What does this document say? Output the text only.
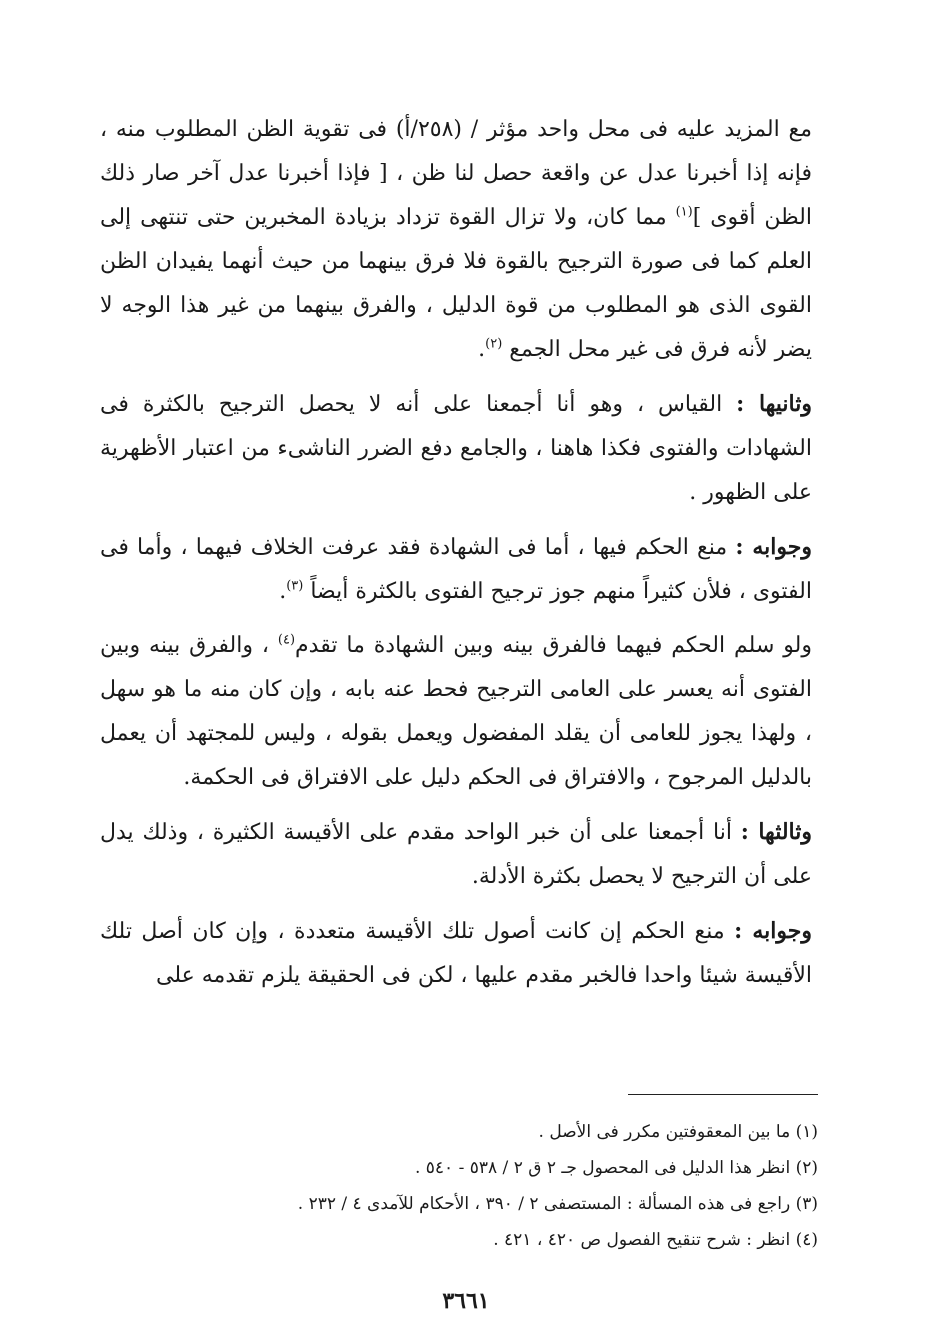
مع المزيد عليه فى محل واحد مؤثر / (٢٥٨/أ) فى تقوية الظن المطلوب منه ، فإنه إذا أخبرنا عدل عن واقعة حصل لنا ظن ، [ فإذا أخبرنا عدل آخر صار ذلك الظن أقوى ]$^{(١)}$ مما كان، ولا تزال القوة تزداد بزيادة المخبرين حتى تنتهى إلى العلم كما فى صورة الترجيح بالقوة فلا فرق بينهما من حيث أنهما يفيدان الظن القوى الذى هو المطلوب من قوة الدليل ، والفرق بينهما من غير هذا الوجه لا يضر لأنه فرق فى غير محل الجمع $^{(٢)}$.

وثانيها : القياس ، وهو أنا أجمعنا على أنه لا يحصل الترجيح بالكثرة فى الشهادات والفتوى فكذا هاهنا ، والجامع دفع الضرر الناشىء من اعتبار الأظهرية على الظهور .

وجوابه : منع الحكم فيها ، أما فى الشهادة فقد عرفت الخلاف فيهما ، وأما فى الفتوى ، فلأن كثيراً منهم جوز ترجيح الفتوى بالكثرة أيضاً $^{(٣)}$.

ولو سلم الحكم فيهما فالفرق بينه وبين الشهادة ما تقدم$^{(٤)}$ ، والفرق بينه وبين الفتوى أنه يعسر على العامى الترجيح فحط عنه بابه ، وإن كان منه ما هو سهل ، ولهذا يجوز للعامى أن يقلد المفضول ويعمل بقوله ، وليس للمجتهد أن يعمل بالدليل المرجوح ، والافتراق فى الحكم دليل على الافتراق فى الحكمة.

وثالثها : أنا أجمعنا على أن خبر الواحد مقدم على الأقيسة الكثيرة ، وذلك يدل على أن الترجيح لا يحصل بكثرة الأدلة.

وجوابه : منع الحكم إن كانت أصول تلك الأقيسة متعددة ، وإن كان أصل تلك الأقيسة شيئا واحدا فالخبر مقدم عليها ، لكن فى الحقيقة يلزم تقدمه على

(١) ما بين المعقوفتين مكرر فى الأصل .

(٢) انظر هذا الدليل فى المحصول جـ ٢ ق ٢ / ٥٣٨ - ٥٤٠ .

(٣) راجع فى هذه المسألة : المستصفى ٢ / ٣٩٠ ، الأحكام للآمدى ٤ / ٢٣٢ .

(٤) انظر : شرح تنقيح الفصول ص ٤٢٠ ، ٤٢١ .

٣٦٦١
